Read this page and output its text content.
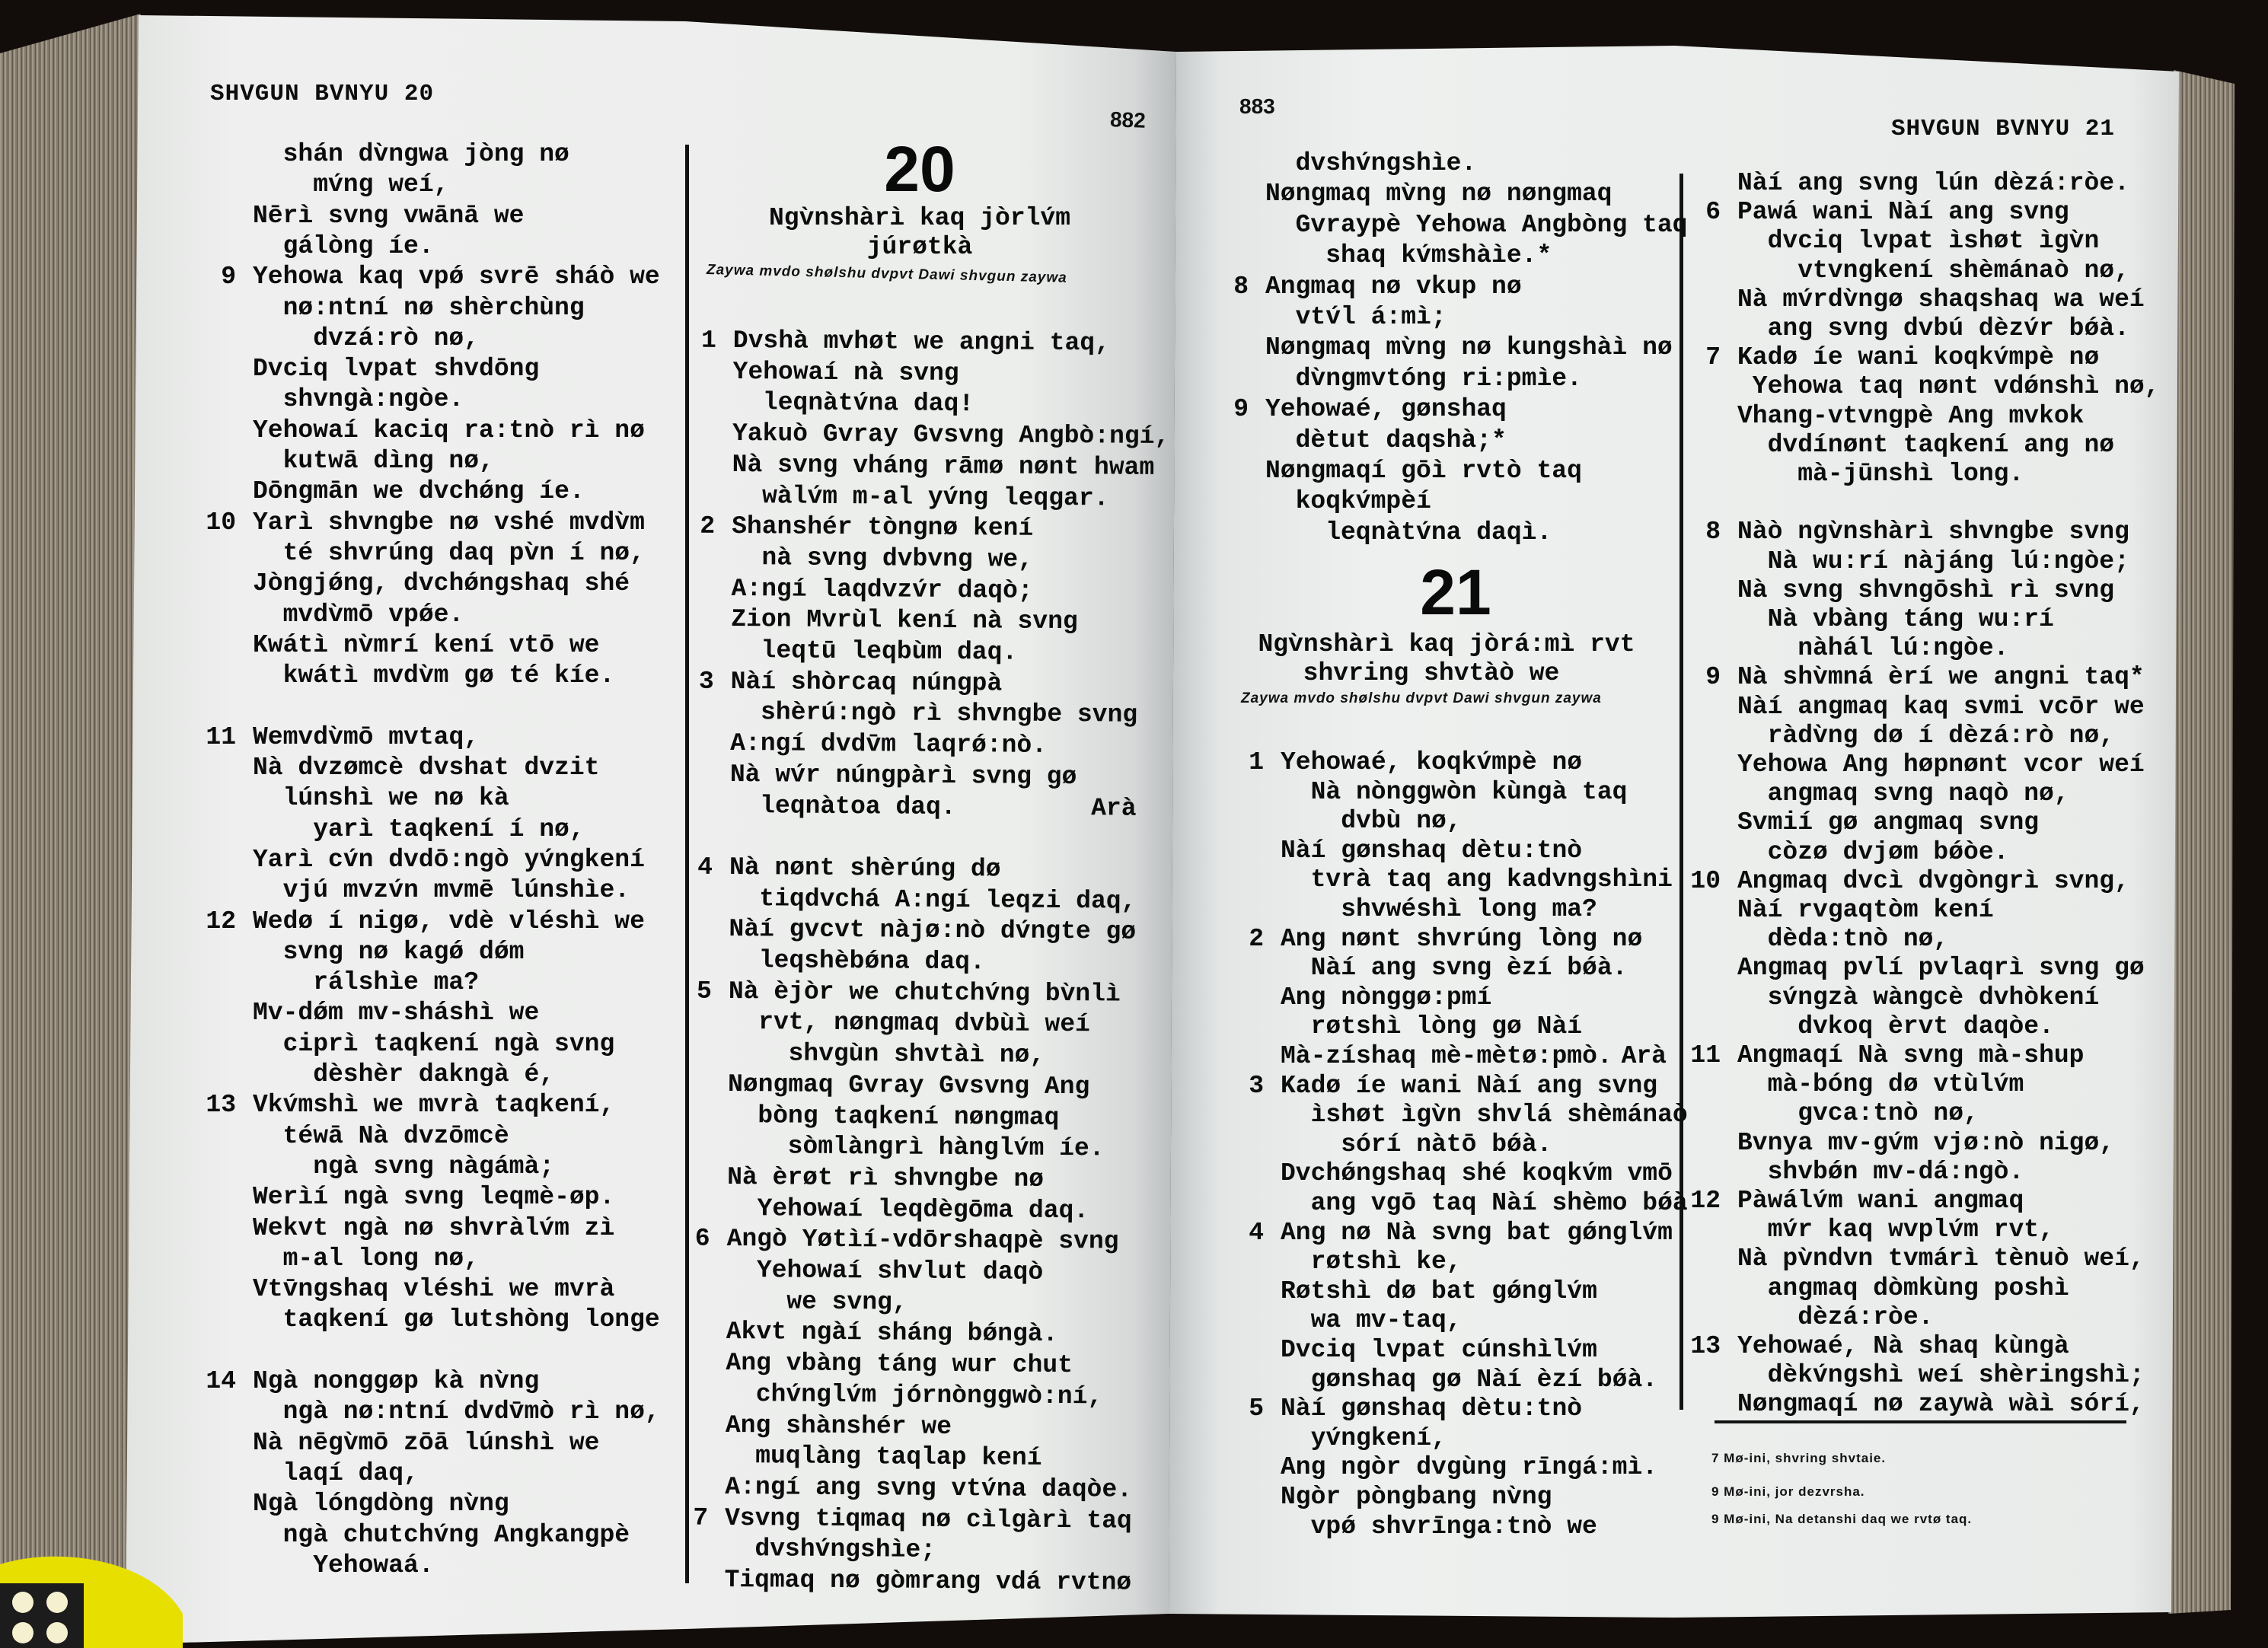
SHVGUN BVNYU 20
882
shán dv̀ngwa jòng nø
mv́ng weí,
Nērì svng vwānā we
gálòng íe.
Yehowa kaq vpǿ svrē sháò we
9
nø:ntní nø shèrchùng
dvzá:rò nø,
Dvciq lvpat shvdōng
shvngà:ngòe.
Yehowaí kaciq ra:tnò rì nø
kutwā dìng nø,
Dōngmān we dvchǿng íe.
Yarì shvngbe nø vshé mvdv̀m
10
té shvrúng daq pv̀n í nø,
Jòngjǿng, dvchǿngshaq shé
mvdv̀mō vpǿe.
Kwátì nv̀mrí kení vtō we
kwátì mvdv̀m gø té kíe.
Wemvdv̀mō mvtaq,
11
Nà dvzømcè dvshat dvzit
lúnshì we nø kà
yarì taqkení í nø,
Yarì cv́n dvdō:ngò yv́ngkení
vjú mvzv́n mvmē lúnshìe.
Wedø í nigø, vdè vléshì we
12
svng nø kagǿ dǿm
rálshìe ma?
Mv-dǿm mv-sháshì we
ciprì taqkení ngà svng
dèshèr dakngà é,
Vkv́mshì we mvrà taqkení,
13
téwā Nà dvzōmcè
ngà svng nàgámà;
Werìí ngà svng leqmè-øp.
Wekvt ngà nø shvràlv́m zì
m-al long nø,
Vtv̄ngshaq vléshi we mvrà
taqkení gø lutshòng longe
Ngà nonggøp kà nv̀ng
14
ngà nø:ntní dvdv̄mò rì nø,
Nà nēgv̀mō zōā lúnshì we
laqí daq,
Ngà lóngdòng nv̀ng
ngà chutchv́ng Angkangpè
Yehowaá.
20
Ngv̀nshàrì kaq jòrlv́m
júrøtkà
Zaywa mvdo shølshu dvpvt Dawi shvgun zaywa
Dvshà mvhøt we angni taq,
1
Yehowaí nà svng
leqnàtv́na daq!
Yakuò Gvray Gvsvng Angbò:ngí,
Nà svng vháng rāmø nønt hwam
wàlv́m m-al yv́ng leqgar.
Shanshér tòngnø kení
2
nà svng dvbvng we,
A:ngí laqdvzv́r daqò;
Zion Mvrùl kení nà svng
leqtū leqbùm daq.
Nàí shòrcaq núngpà
3
shèrú:ngò rì shvngbe svng
A:ngí dvdv̄m laqrǿ:nò.
Nà wv́r núngpàrì svng gø
leqnàtoa daq.	Arà
Nà nønt shèrúng dø
4
tiqdvchá A:ngí leqzi daq,
Nàí gvcvt nàjø:nò dv́ngte gø
leqshèbǿna daq.
Nà èjòr we chutchv́ng bv̀nlì
5
rvt, nøngmaq dvbùì weí
shvgùn shvtàì nø,
Nøngmaq Gvray Gvsvng Ang
bòng taqkení nøngmaq
sòmlàngrì hànglv́m íe.
Nà èrøt rì shvngbe nø
Yehowaí leqdègōma daq.
Angò Yøtìí-vdōrshaqpè svng
6
Yehowaí shvlut daqò
we svng,
Akvt ngàí sháng bǿngà.
Ang vbàng táng wur chut
chv́nglv́m jórnònggwò:ní,
Ang shànshér we
muqlàng taqlap kení
A:ngí ang svng vtv́na daqòe.
Vsvng tiqmaq nø cìlgàrì taq
7
dvshv́ngshìe;
Tiqmaq nø gòmrang vdá rvtnø
883
SHVGUN BVNYU 21
dvshv́ngshìe.
Nøngmaq mv̀ng nø nøngmaq
Gvraypè Yehowa Angbòng taq
shaq kv́mshàìe.*
Angmaq nø vkup nø
8
vtv́l á:mì;
Nøngmaq mv̀ng nø kungshàì nø
dv̀ngmvtóng ri:pmìe.
Yehowaé, gønshaq
9
dètut daqshà;*
Nøngmaqí gōì rvtò taq
koqkv́mpèí
leqnàtv́na daqì.
21
Ngv̀nshàrì kaq jòrá:mì rvt
shvring shvtàò we
Zaywa mvdo shølshu dvpvt Dawi shvgun zaywa
Yehowaé, koqkv́mpè nø
1
Nà nònggwòn kùngà taq
dvbù nø,
Nàí gønshaq dètu:tnò
tvrà taq ang kadvngshìni
shvwéshì long ma?
Ang nønt shvrúng lòng nø
2
Nàí ang svng èzí bǿà.
Ang nònggø:pmí
røtshì lòng gø Nàí
Mà-zíshaq mè-mètø:pmò. Arà
Kadø íe wani Nàí ang svng
3
ìshøt ìgv̀n shvlá shèmánaò
sórí nàtō bǿà.
Dvchǿngshaq shé koqkv́m vmō
ang vgō taq Nàí shèmo bǿà
Ang nø Nà svng bat gǿnglv́m
4
røtshì ke,
Røtshì dø bat gǿnglv́m
wa mv-taq,
Dvciq lvpat cúnshìlv́m
gønshaq gø Nàí èzí bǿà.
Nàí gønshaq dètu:tnò
5
yv́ngkení,
Ang ngòr dvgùng rīngá:mì.
Ngòr pòngbang nv̀ng
vpǿ shvrīnga:tnò we
Nàí ang svng lún dèzá:ròe.
Pawá wani Nàí ang svng
6
dvciq lvpat ìshøt ìgv̀n
vtvngkení shèmánaò nø,
Nà mv́rdv̀ngø shaqshaq wa weí
ang svng dvbú dèzv́r bǿà.
Kadø íe wani koqkv́mpè nø
7
Yehowa taq nønt vdǿnshì nø,
Vhang-vtvngpè Ang mvkok
dvdínønt taqkení ang nø
mà-jūnshì long.
Nàò ngv̀nshàrì shvngbe svng
8
Nà wu:rí nàjáng lú:ngòe;
Nà svng shvngōshì rì svng
Nà vbàng táng wu:rí
nàhál lú:ngòe.
Nà shv̀mná èrí we angni taq*
9
Nàí angmaq kaq svmi vcōr we
ràdv̀ng dø í dèzá:rò nø,
Yehowa Ang høpnønt vcor weí
angmaq svng naqò nø,
Svmií gø angmaq svng
còzø dvjøm bǿòe.
Angmaq dvcì dvgòngrì svng,
10
Nàí rvgaqtòm kení
dèda:tnò nø,
Angmaq pvlí pvlaqrì svng gø
sv́ngzà wàngcè dvhòkení
dvkoq èrvt daqòe.
Angmaqí Nà svng mà-shup
11
mà-bóng dø vtùlv́m
gvca:tnò nø,
Bvnya mv-gv́m vjø:nò nigø,
shvbǿn mv-dá:ngò.
Pàwálv́m wani angmaq
12
mv́r kaq wvplv́m rvt,
Nà pv̀ndvn tvmárì tènuò weí,
angmaq dòmkùng poshì
dèzá:ròe.
Yehowaé, Nà shaq kùngà
13
dèkv́ngshì weí shèringshì;
Nøngmaqí nø zaywà wàì sórí,
7 Mø-ini, shvring shvtaie.
9 Mø-ini, jor dezvrsha.
9 Mø-ini, Na detanshi daq we rvtø taq.
